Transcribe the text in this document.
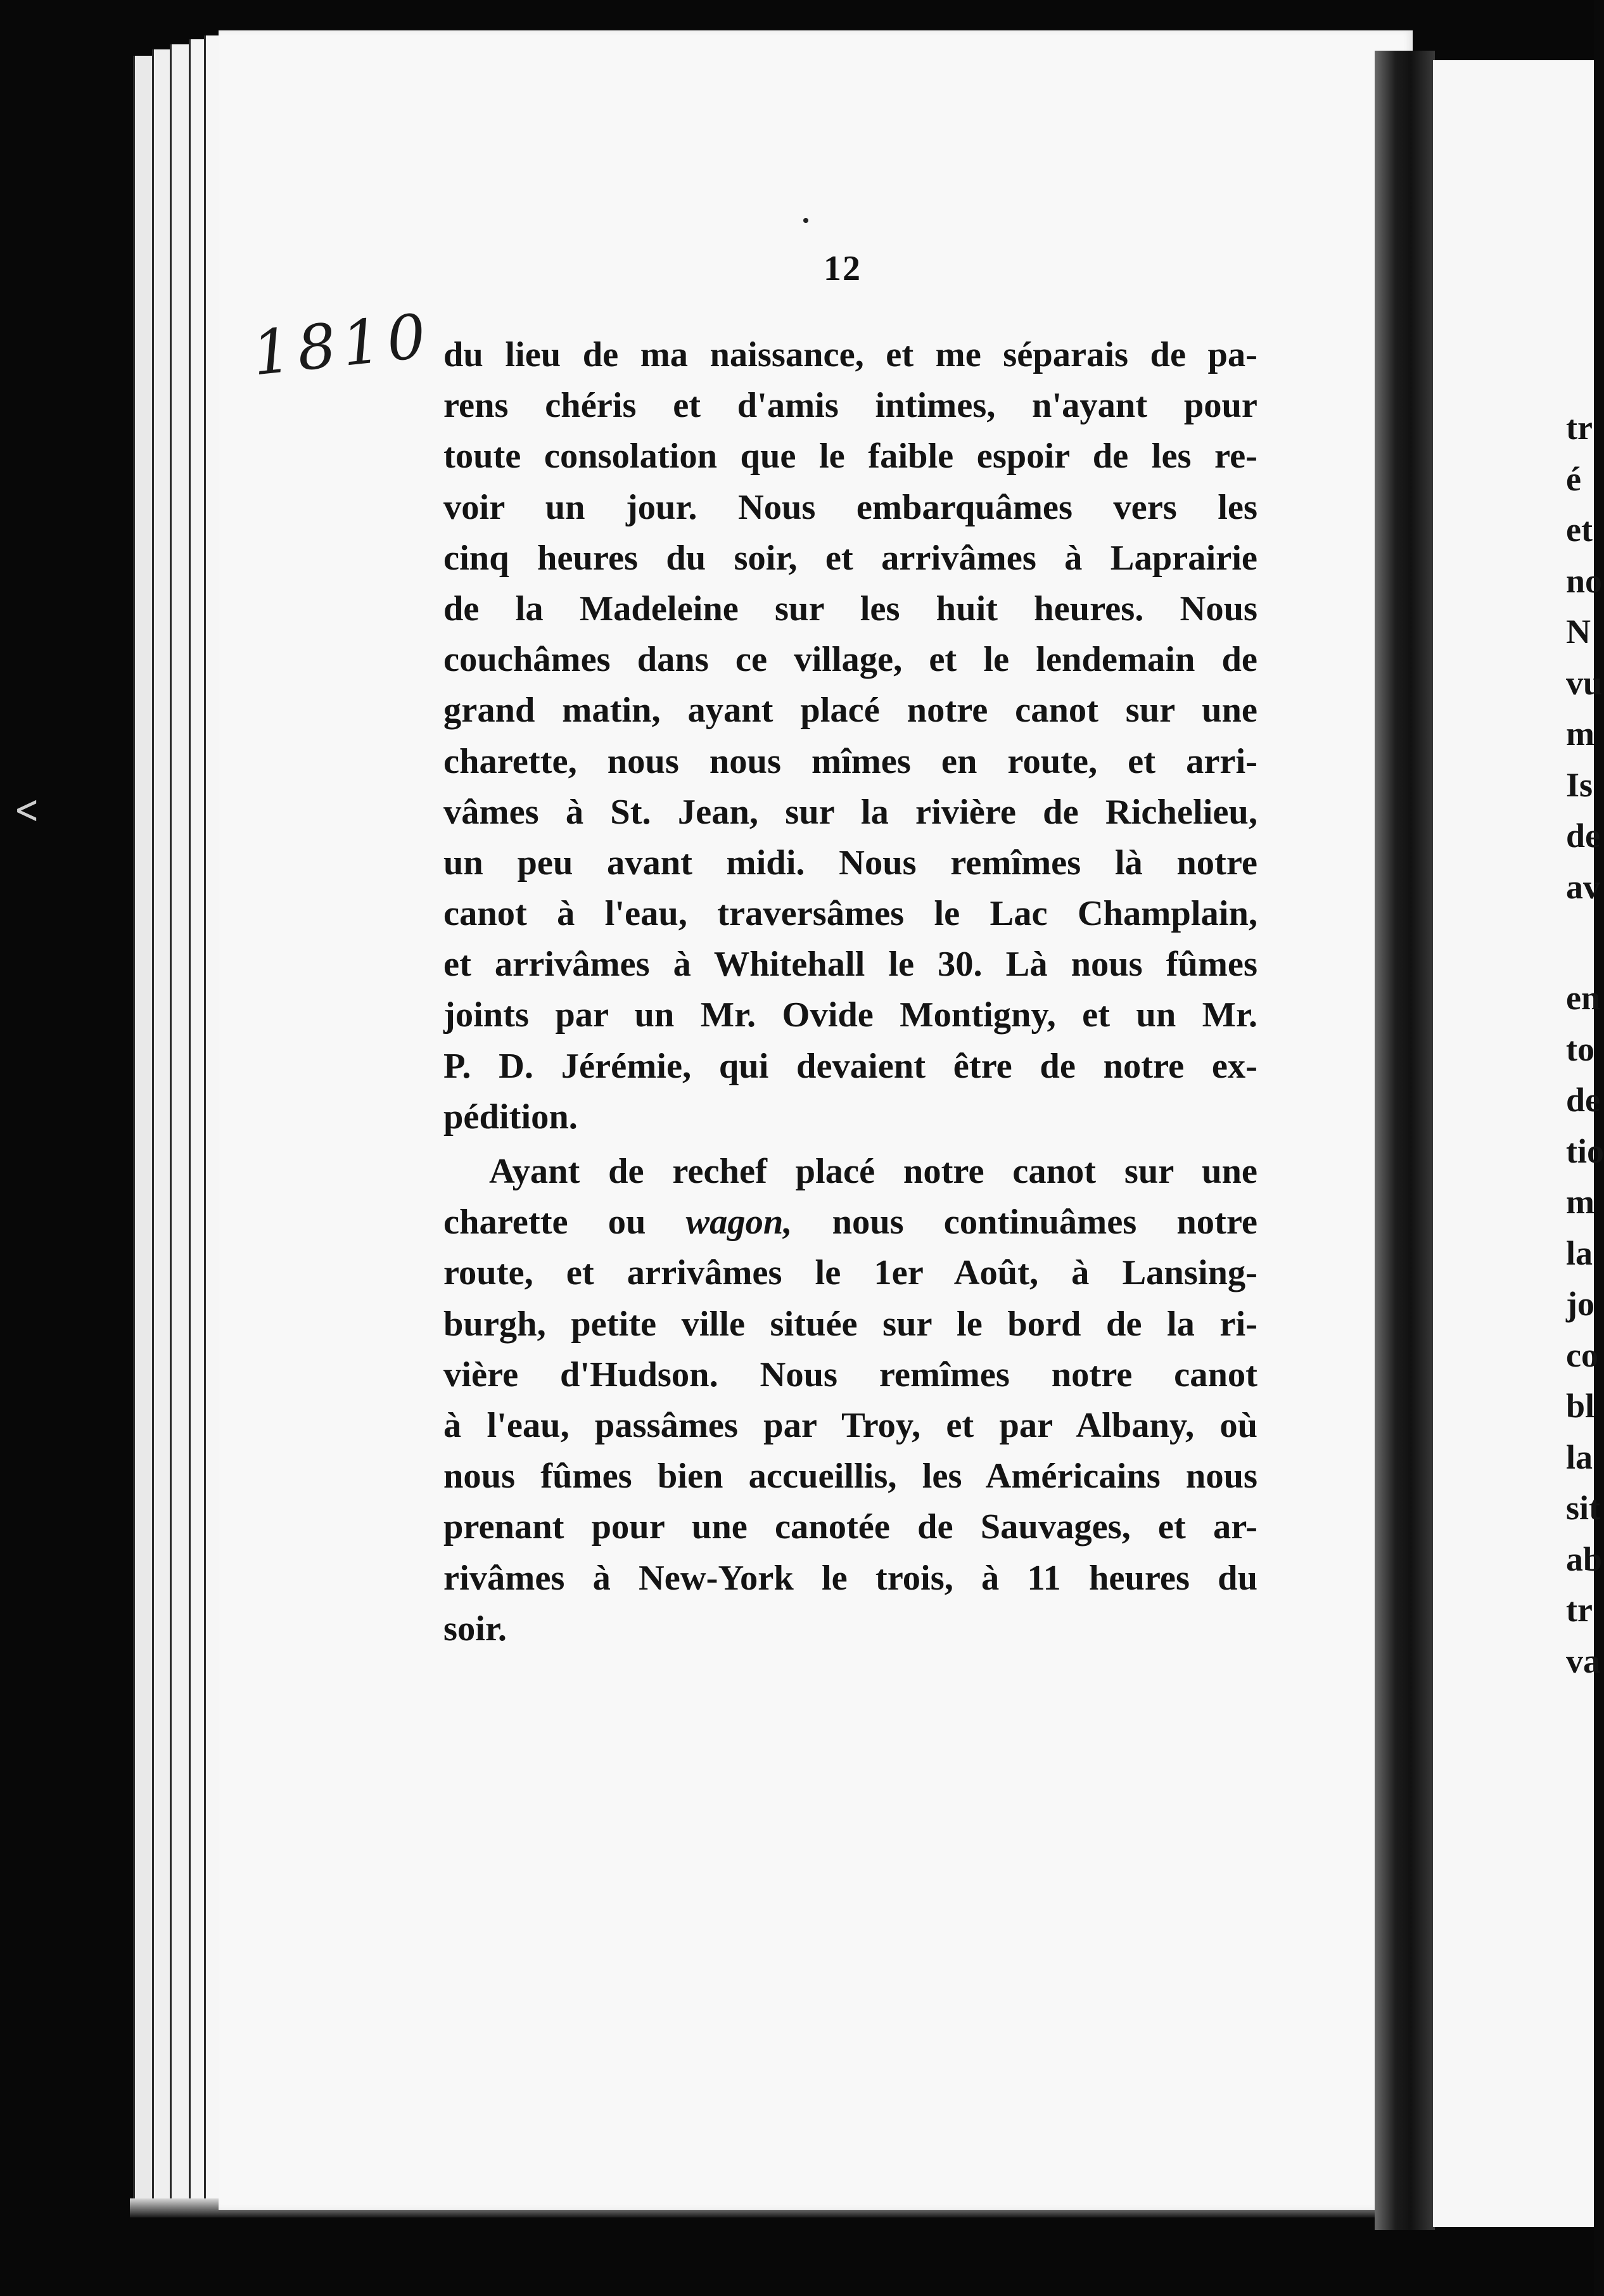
12
1810 du lieu de ma naissance, et me séparais de pa-
rens chéris et d'amis intimes, n'ayant pour
toute consolation que le faible espoir de les re-
voir un jour. Nous embarquâmes vers les
cinq heures du soir, et arrivâmes à Laprairie
de la Madeleine sur les huit heures. Nous
couchâmes dans ce village, et le lendemain de
grand matin, ayant placé notre canot sur une
charette, nous nous mîmes en route, et arri-
vâmes à St. Jean, sur la rivière de Richelieu,
un peu avant midi. Nous remîmes là notre
canot à l'eau, traversâmes le Lac Champlain,
et arrivâmes à Whitehall le 30. Là nous fûmes
joints par un Mr. Ovide Montigny, et un Mr.
P. D. Jérémie, qui devaient être de notre ex-
pédition.
Ayant de rechef placé notre canot sur une
charette ou wagon, nous continuâmes notre
route, et arrivâmes le 1er Août, à Lansing-
burgh, petite ville située sur le bord de la ri-
vière d'Hudson. Nous remîmes notre canot
à l'eau, passâmes par Troy, et par Albany, où
nous fûmes bien accueillis, les Américains nous
prenant pour une canotée de Sauvages, et ar-
rivâmes à New-York le trois, à 11 heures du
soir.
tr
é
et
no
N
vu
m
Is
de
av
en
to
de
tio
m
la
jo
co
bl
la
sit
ab
tr
va
<
